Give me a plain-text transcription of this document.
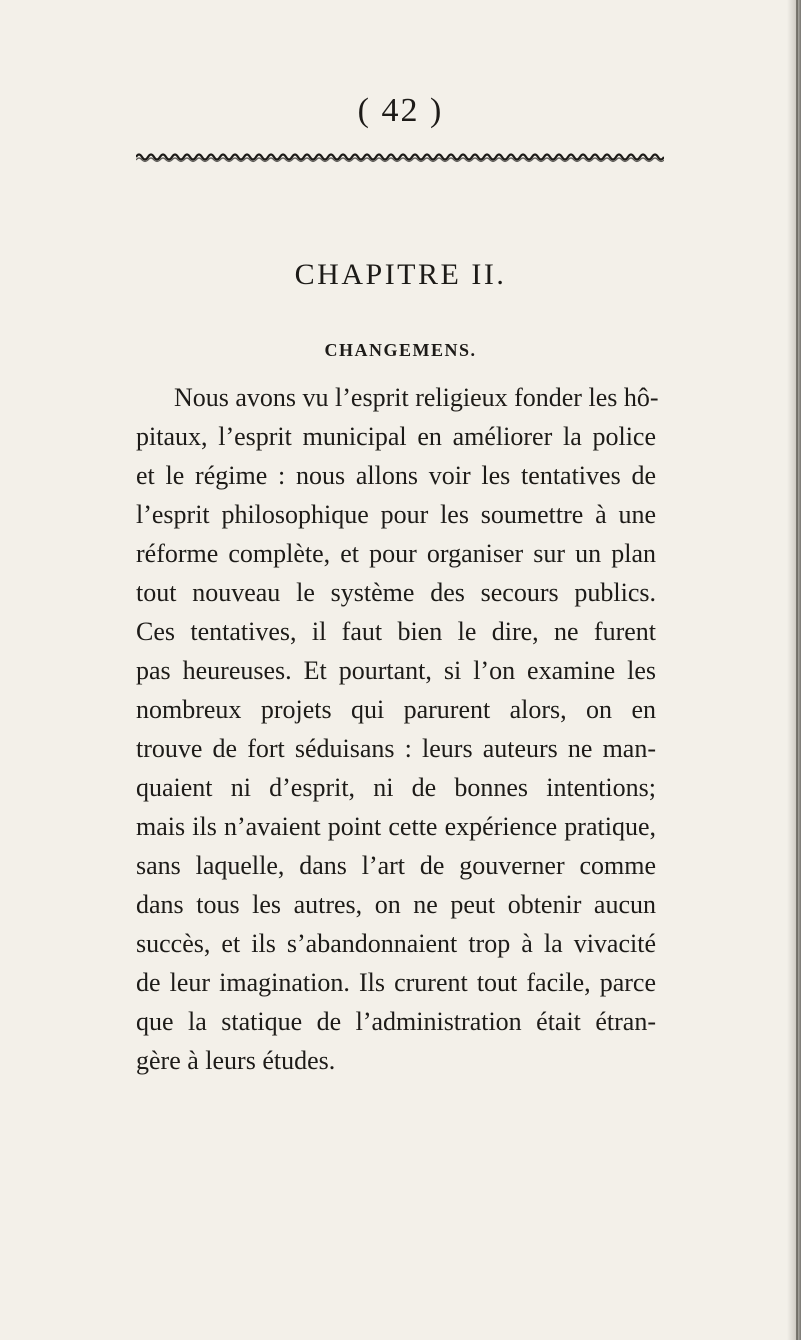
( 42 )
CHAPITRE II.
CHANGEMENS.
Nous avons vu l’esprit religieux fonder les hô-
pitaux, l’esprit municipal en améliorer la police
et le régime : nous allons voir les tentatives de
l’esprit philosophique pour les soumettre à une
réforme complète, et pour organiser sur un plan
tout nouveau le système des secours publics.
Ces tentatives, il faut bien le dire, ne furent
pas heureuses. Et pourtant, si l’on examine les
nombreux projets qui parurent alors, on en
trouve de fort séduisans : leurs auteurs ne man-
quaient ni d’esprit, ni de bonnes intentions;
mais ils n’avaient point cette expérience pratique,
sans laquelle, dans l’art de gouverner comme
dans tous les autres, on ne peut obtenir aucun
succès, et ils s’abandonnaient trop à la vivacité
de leur imagination. Ils crurent tout facile, parce
que la statique de l’administration était étran-
gère à leurs études.
